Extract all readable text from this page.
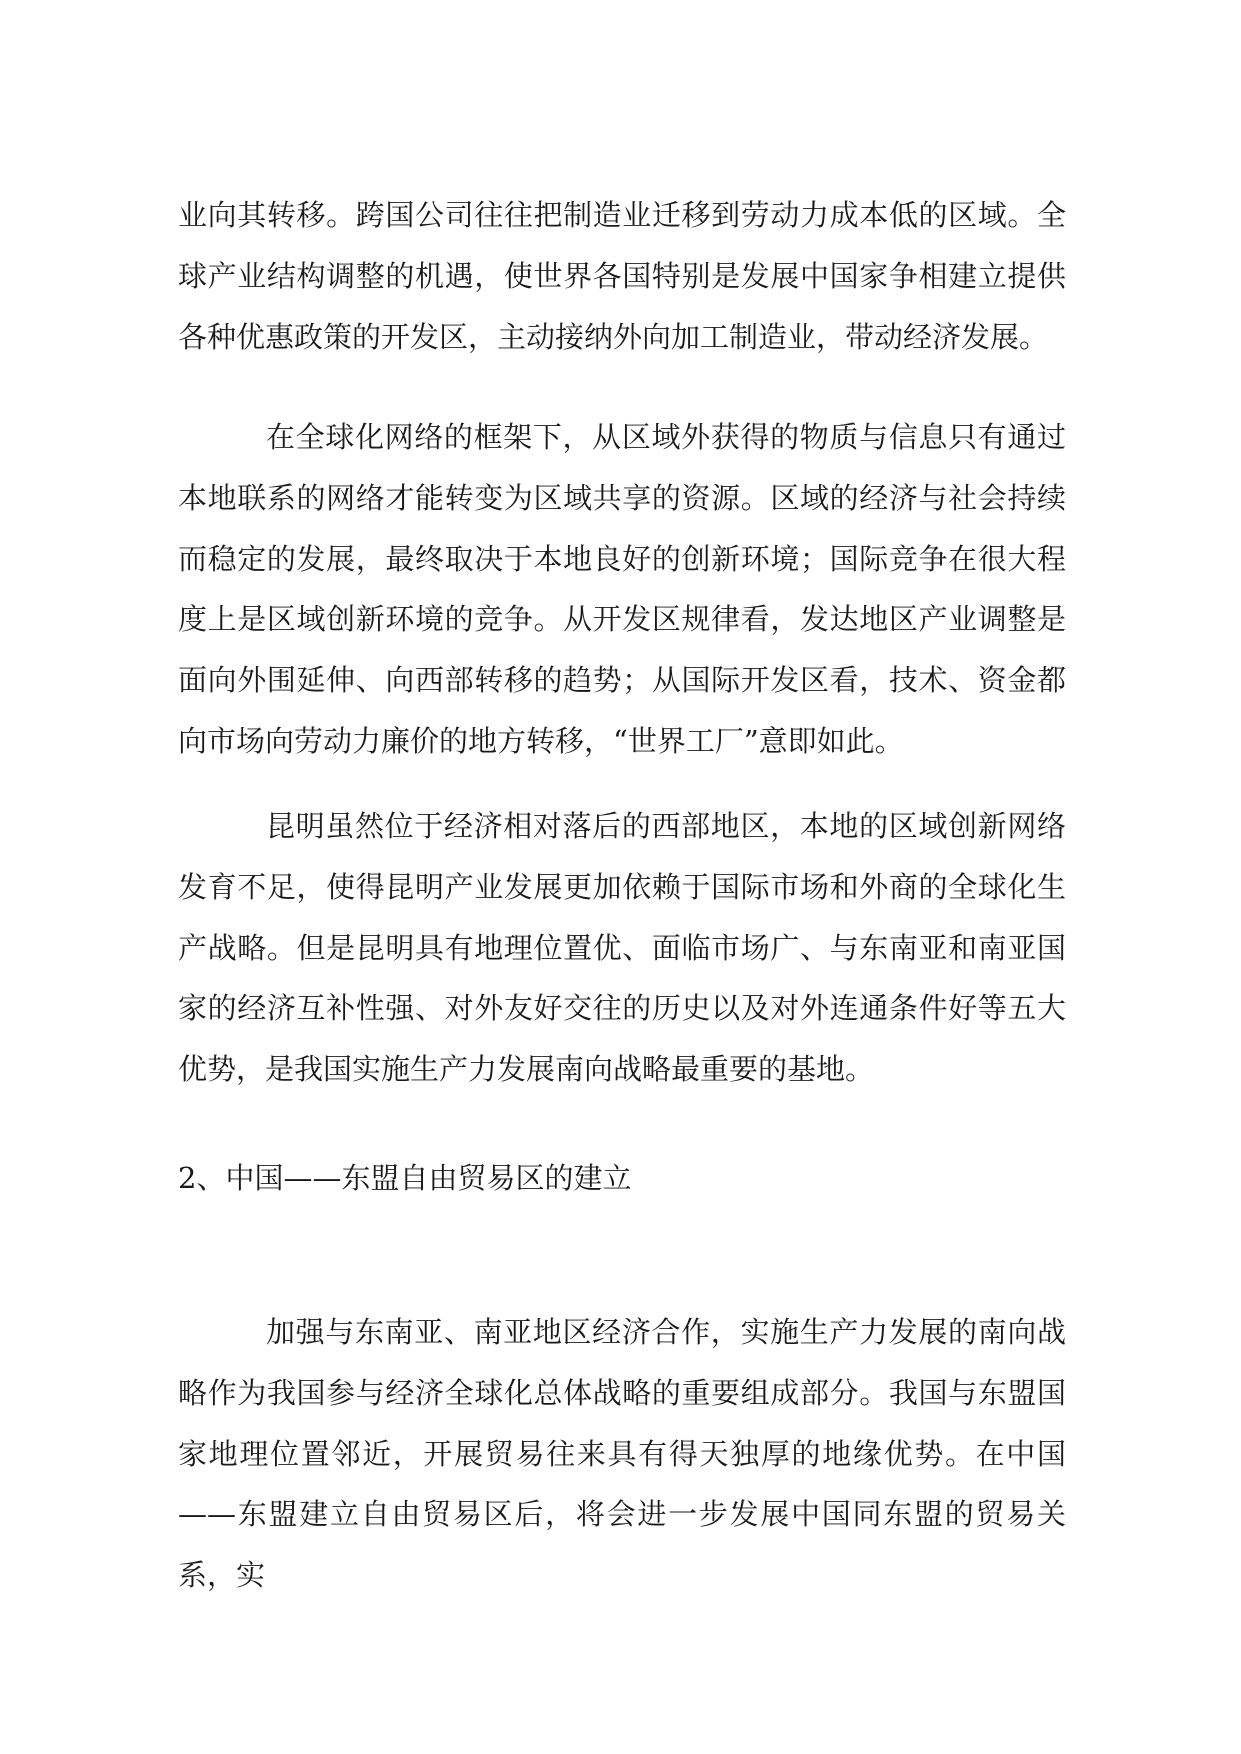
业向其转移。跨国公司往往把制造业迁移到劳动力成本低的区域。全球产业结构调整的机遇，使世界各国特别是发展中国家争相建立提供各种优惠政策的开发区，主动接纳外向加工制造业，带动经济发展。

在全球化网络的框架下，从区域外获得的物质与信息只有通过本地联系的网络才能转变为区域共享的资源。区域的经济与社会持续而稳定的发展，最终取决于本地良好的创新环境；国际竞争在很大程度上是区域创新环境的竞争。从开发区规律看，发达地区产业调整是面向外围延伸、向西部转移的趋势；从国际开发区看，技术、资金都向市场向劳动力廉价的地方转移，“世界工厂”意即如此。

昆明虽然位于经济相对落后的西部地区，本地的区域创新网络发育不足，使得昆明产业发展更加依赖于国际市场和外商的全球化生产战略。但是昆明具有地理位置优、面临市场广、与东南亚和南亚国家的经济互补性强、对外友好交往的历史以及对外连通条件好等五大优势，是我国实施生产力发展南向战略最重要的基地。

2、中国——东盟自由贸易区的建立

加强与东南亚、南亚地区经济合作，实施生产力发展的南向战略作为我国参与经济全球化总体战略的重要组成部分。我国与东盟国家地理位置邻近，开展贸易往来具有得天独厚的地缘优势。在中国——东盟建立自由贸易区后，将会进一步发展中国同东盟的贸易关系，实
